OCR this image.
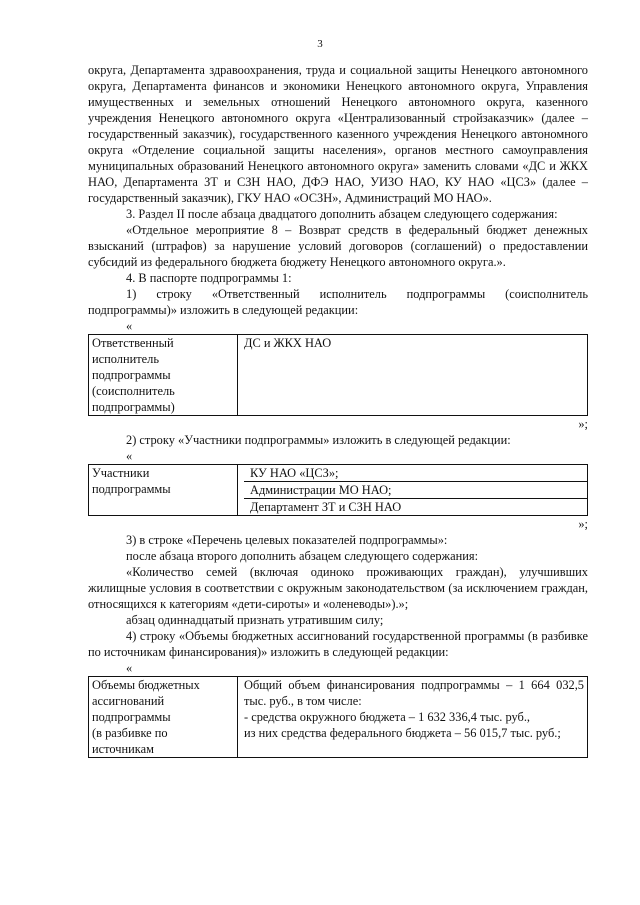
3

округа, Департамента здравоохранения, труда и социальной защиты Ненецкого автономного округа, Департамента финансов и экономики Ненецкого автономного округа, Управления имущественных и земельных отношений Ненецкого автономного округа, казенного учреждения Ненецкого автономного округа «Централизованный стройзаказчик» (далее – государственный заказчик), государственного казенного учреждения Ненецкого автономного округа «Отделение социальной защиты населения», органов местного самоуправления муниципальных образований Ненецкого автономного округа» заменить словами «ДС и ЖКХ НАО, Департамента ЗТ и СЗН НАО, ДФЭ НАО, УИЗО НАО, КУ НАО «ЦСЗ» (далее – государственный заказчик), ГКУ НАО «ОСЗН», Администраций МО НАО».

3. Раздел II после абзаца двадцатого дополнить абзацем следующего содержания:

«Отдельное мероприятие 8 – Возврат средств в федеральный бюджет денежных взысканий (штрафов) за нарушение условий договоров (соглашений) о предоставлении субсидий из федерального бюджета бюджету Ненецкого автономного округа.».

4. В паспорте подпрограммы 1:

1) строку «Ответственный исполнитель подпрограммы (соисполнитель подпрограммы)» изложить в следующей редакции:

«
Ответственный
исполнитель
подпрограммы
(соисполнитель
подпрограммы)
	ДС и ЖКХ НАО
»;

2) строку «Участники подпрограммы» изложить в следующей редакции:

«
Участники
подпрограммы

КУ НАО «ЦСЗ»;
Администрации МО НАО;
Департамент ЗТ и СЗН НАО
»;

3) в строке «Перечень целевых показателей подпрограммы»:

после абзаца второго дополнить абзацем следующего содержания:

«Количество семей (включая одиноко проживающих граждан), улучшивших жилищные условия в соответствии с окружным законодательством (за исключением граждан, относящихся к категориям «дети-сироты» и «оленеводы»).»;

абзац одиннадцатый признать утратившим силу;

4) строку «Объемы бюджетных ассигнований государственной программы (в разбивке по источникам финансирования)» изложить в следующей редакции:

«
Объемы бюджетных
ассигнований
подпрограммы
(в разбивке по
источникам

Общий объем финансирования подпрограммы – 1 664 032,5 тыс. руб., в том числе:
- средства окружного бюджета – 1 632 336,4 тыс. руб.,
из них средства федерального бюджета – 56 015,7 тыс. руб.;
